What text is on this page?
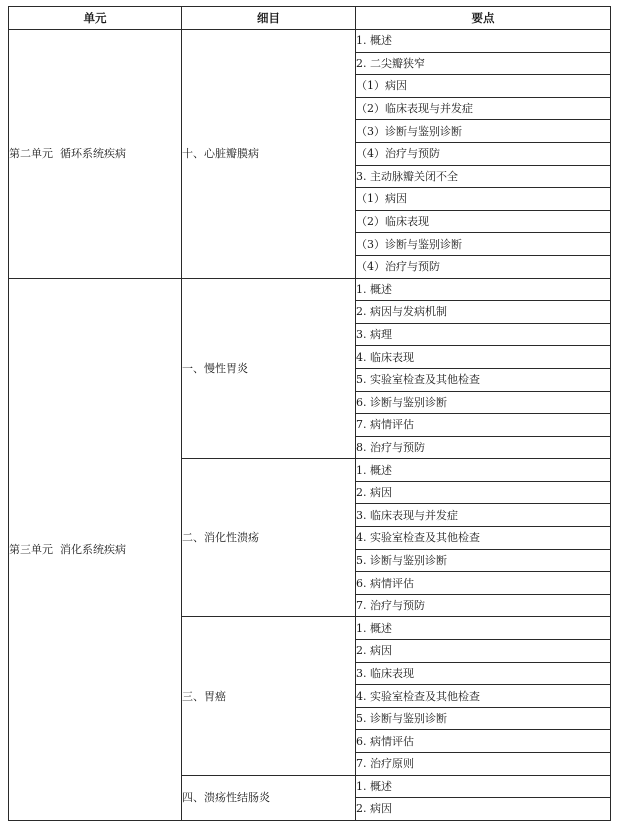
单元	细目	要点
第二单元  循环系统疾病	十、心脏瓣膜病	1. 概述
		2. 二尖瓣狭窄
		（1）病因
		（2）临床表现与并发症
		（3）诊断与鉴别诊断
		（4）治疗与预防
		3. 主动脉瓣关闭不全
		（1）病因
		（2）临床表现
		（3）诊断与鉴别诊断
		（4）治疗与预防
第三单元  消化系统疾病	一、慢性胃炎	1. 概述
		2. 病因与发病机制
		3. 病理
		4. 临床表现
		5. 实验室检查及其他检查
		6. 诊断与鉴别诊断
		7. 病情评估
		8. 治疗与预防
	二、消化性溃疡	1. 概述
		2. 病因
		3. 临床表现与并发症
		4. 实验室检查及其他检查
		5. 诊断与鉴别诊断
		6. 病情评估
		7. 治疗与预防
	三、胃癌	1. 概述
		2. 病因
		3. 临床表现
		4. 实验室检查及其他检查
		5. 诊断与鉴别诊断
		6. 病情评估
		7. 治疗原则
	四、溃疡性结肠炎	1. 概述
		2. 病因
